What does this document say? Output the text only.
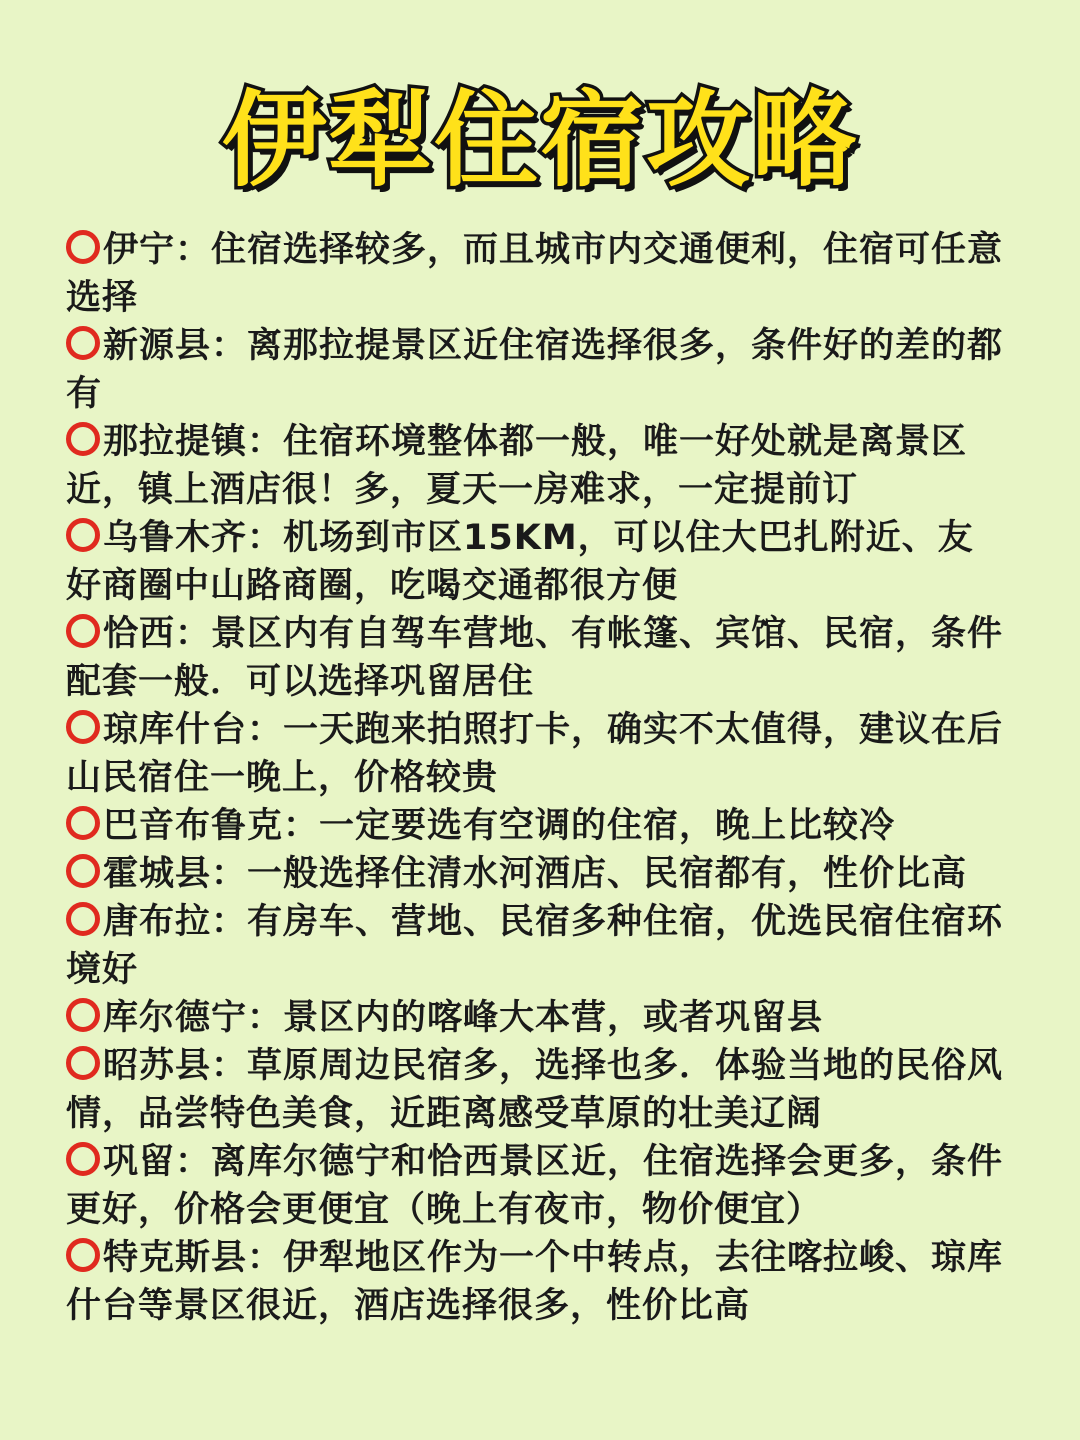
伊犁住宿攻略
伊宁：住宿选择较多，而且城市内交通便利，住宿可任意选择
新源县：离那拉提景区近住宿选择很多，条件好的差的都有
那拉提镇：住宿环境整体都一般，唯一好处就是离景区近，镇上酒店很！多，夏天一房难求，一定提前订
乌鲁木齐：机场到市区15KM，可以住大巴扎附近、友好商圈中山路商圈，吃喝交通都很方便
恰西：景区内有自驾车营地、有帐篷、宾馆、民宿，条件配套一般．可以选择巩留居住
琼库什台：一天跑来拍照打卡，确实不太值得，建议在后山民宿住一晚上，价格较贵
巴音布鲁克：一定要选有空调的住宿，晚上比较冷
霍城县：一般选择住清水河酒店、民宿都有，性价比高
唐布拉：有房车、营地、民宿多种住宿，优选民宿住宿环境好
库尔德宁：景区内的喀峰大本营，或者巩留县
昭苏县：草原周边民宿多，选择也多．体验当地的民俗风情，品尝特色美食，近距离感受草原的壮美辽阔
巩留：离库尔德宁和恰西景区近，住宿选择会更多，条件更好，价格会更便宜（晚上有夜市，物价便宜）
特克斯县：伊犁地区作为一个中转点，去往喀拉峻、琼库什台等景区很近，酒店选择很多，性价比高
